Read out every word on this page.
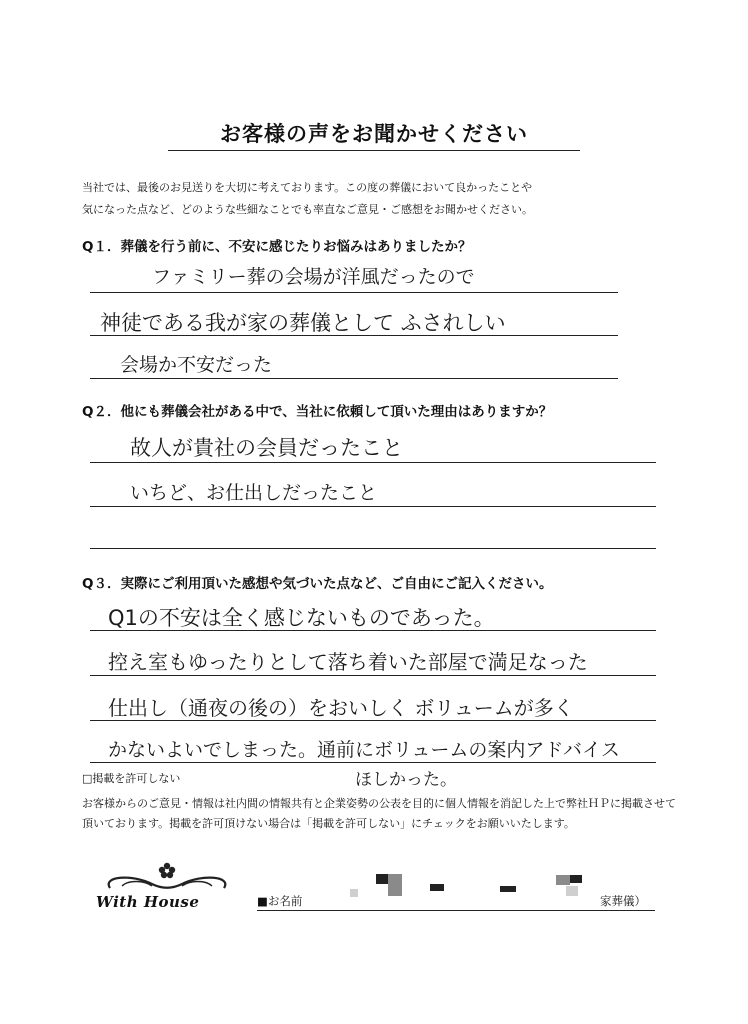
お客様の声をお聞かせください
当社では、最後のお見送りを大切に考えております。この度の葬儀において良かったことや
気になった点など、どのような些細なことでも率直なご意見・ご感想をお聞かせください。
Q１．葬儀を行う前に、不安に感じたりお悩みはありましたか？
ファミリー葬の会場が洋風だったので
神徒である我が家の葬儀として ふされしい
会場か不安だった
Q２．他にも葬儀会社がある中で、当社に依頼して頂いた理由はありますか？
故人が貴社の会員だったこと
いちど、お仕出しだったこと
Q３．実際にご利用頂いた感想や気づいた点など、ご自由にご記入ください。
Q1の不安は全く感じないものであった。
控え室もゆったりとして落ち着いた部屋で満足なった
仕出し（通夜の後の）をおいしく ボリュームが多く
かないよいでしまった。通前にボリュームの案内アドバイス
ほしかった。
□掲載を許可しない
お客様からのご意見・情報は社内間の情報共有と企業姿勢の公表を目的に個人情報を消記した上で弊社ＨＰに掲載させて
頂いております。掲載を許可頂けない場合は「掲載を許可しない」にチェックをお願いいたします。
With House	■お名前	家葬儀）
